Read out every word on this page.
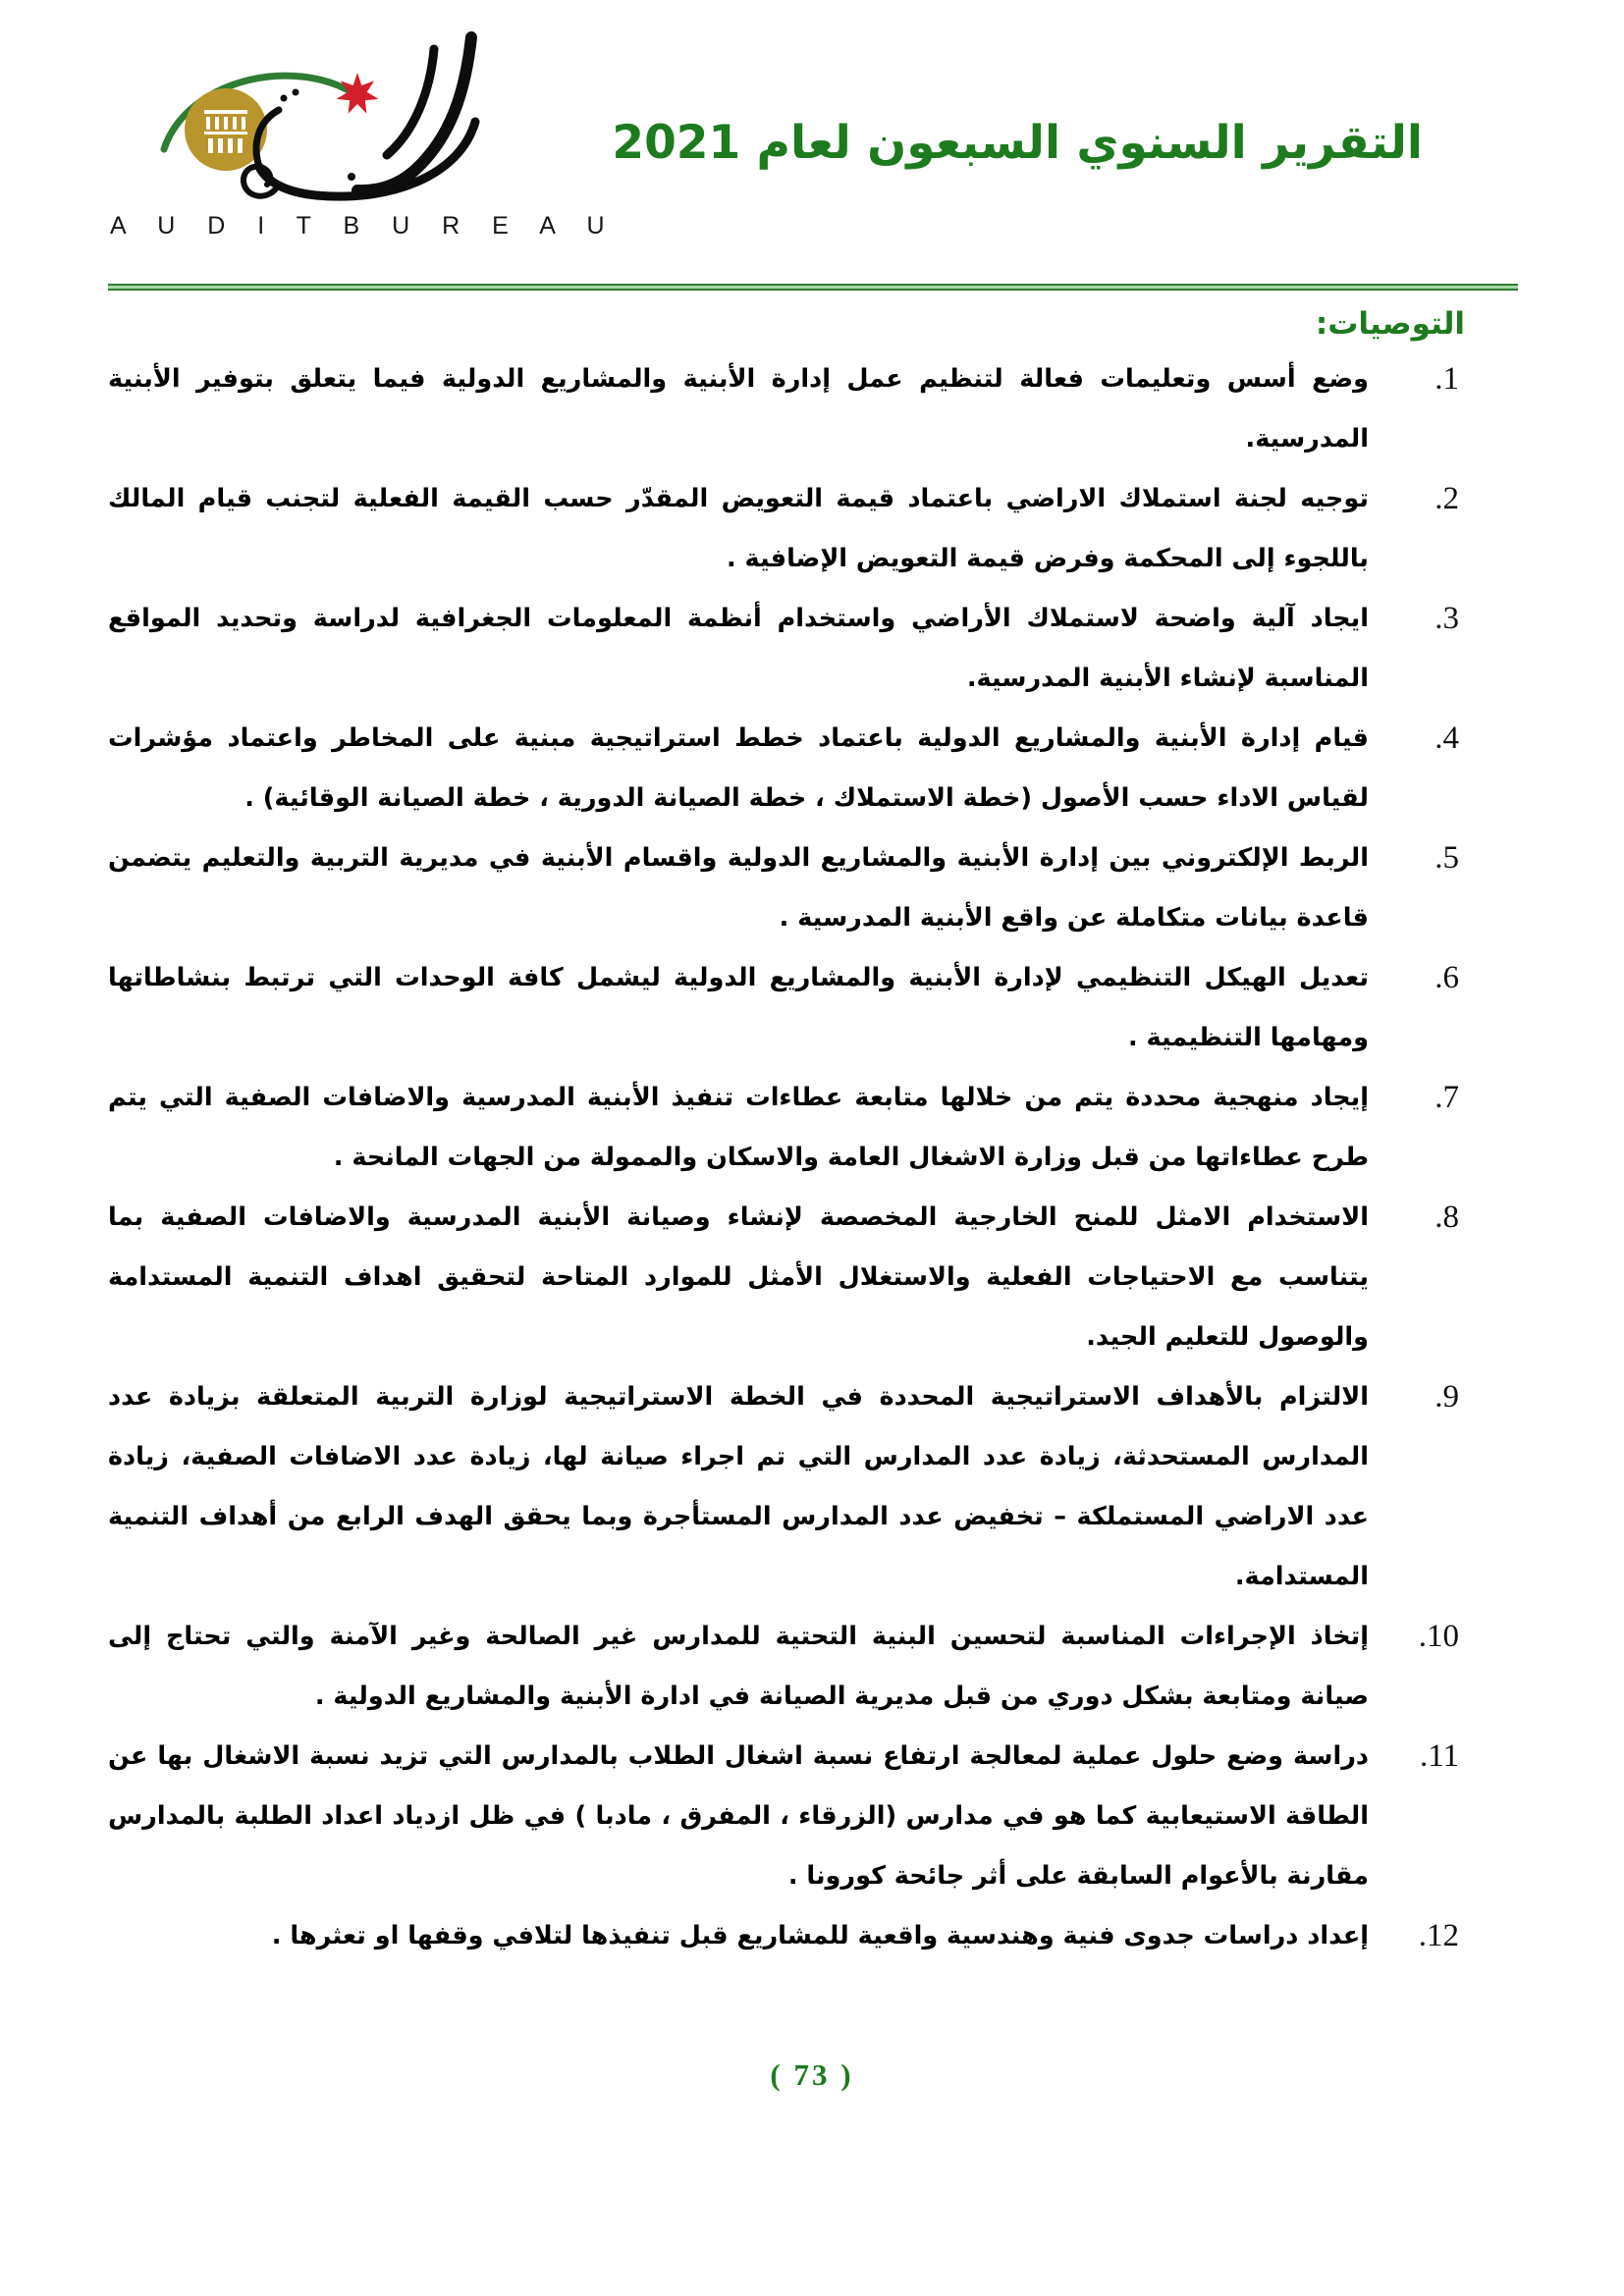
A U D I T B U R E A U
التقرير السنوي السبعون لعام 2021
التوصيات:
1.
وضع أسس وتعليمات فعالة لتنظيم عمل إدارة الأبنية والمشاريع الدولية فيما يتعلق بتوفير الأبنية المدرسية.
2.
توجيه لجنة استملاك الاراضي باعتماد قيمة التعويض المقدّر حسب القيمة الفعلية لتجنب قيام المالك باللجوء إلى المحكمة وفرض قيمة التعويض الإضافية .
3.
ايجاد آلية واضحة لاستملاك الأراضي واستخدام أنظمة المعلومات الجغرافية لدراسة وتحديد المواقع المناسبة لإنشاء الأبنية المدرسية.
4.
قيام إدارة الأبنية والمشاريع الدولية باعتماد خطط استراتيجية مبنية على المخاطر واعتماد مؤشرات لقياس الاداء حسب الأصول (خطة الاستملاك ، خطة الصيانة الدورية ، خطة الصيانة الوقائية) .
5.
الربط الإلكتروني بين إدارة الأبنية والمشاريع الدولية واقسام الأبنية في مديرية التربية والتعليم يتضمن قاعدة بيانات متكاملة عن واقع الأبنية المدرسية .
6.
تعديل الهيكل التنظيمي لإدارة الأبنية والمشاريع الدولية ليشمل كافة الوحدات التي ترتبط بنشاطاتها ومهامها التنظيمية .
7.
إيجاد منهجية محددة يتم من خلالها متابعة عطاءات تنفيذ الأبنية المدرسية والاضافات الصفية التي يتم طرح عطاءاتها من قبل وزارة الاشغال العامة والاسكان والممولة من الجهات المانحة .
8.
الاستخدام الامثل للمنح الخارجية المخصصة لإنشاء وصيانة الأبنية المدرسية والاضافات الصفية بما يتناسب مع الاحتياجات الفعلية والاستغلال الأمثل للموارد المتاحة لتحقيق اهداف التنمية المستدامة والوصول للتعليم الجيد.
9.
الالتزام بالأهداف الاستراتيجية المحددة في الخطة الاستراتيجية لوزارة التربية المتعلقة بزيادة عدد المدارس المستحدثة، زيادة عدد المدارس التي تم اجراء صيانة لها، زيادة عدد الاضافات الصفية، زيادة عدد الاراضي المستملكة – تخفيض عدد المدارس المستأجرة وبما يحقق الهدف الرابع من أهداف التنمية المستدامة.
10.
إتخاذ الإجراءات المناسبة لتحسين البنية التحتية للمدارس غير الصالحة وغير الآمنة والتي تحتاج إلى صيانة ومتابعة بشكل دوري من قبل مديرية الصيانة في ادارة الأبنية والمشاريع الدولية .
11.
دراسة وضع حلول عملية لمعالجة ارتفاع نسبة اشغال الطلاب بالمدارس التي تزيد نسبة الاشغال بها عن الطاقة الاستيعابية كما هو في مدارس (الزرقاء ، المفرق ، مادبا ) في ظل ازدياد اعداد الطلبة بالمدارس مقارنة بالأعوام السابقة على أثر جائحة كورونا .
12.
إعداد دراسات جدوى فنية وهندسية واقعية للمشاريع قبل تنفيذها لتلافي وقفها او تعثرها .
( 73 )
